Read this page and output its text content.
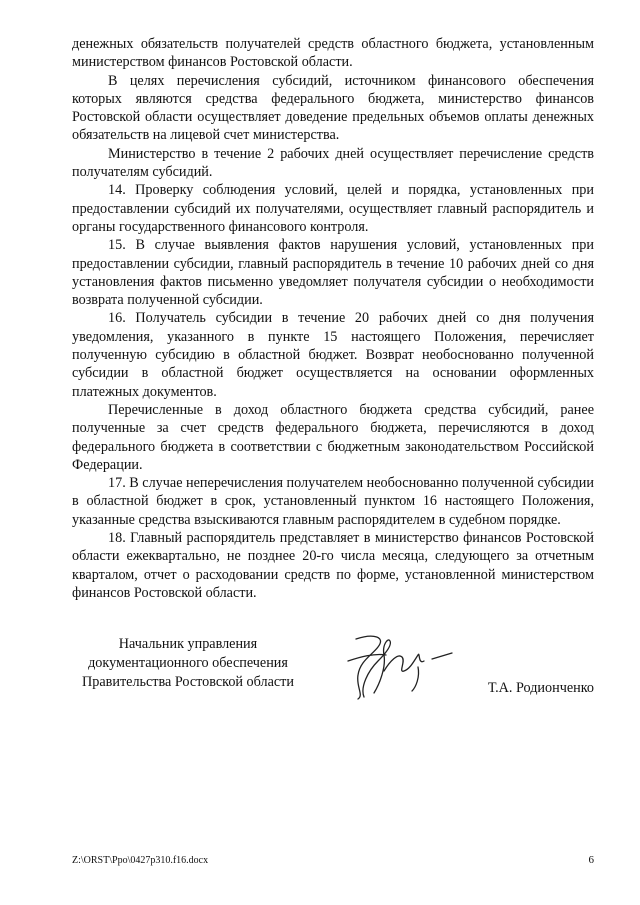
денежных обязательств получателей средств областного бюджета, установленным министерством финансов Ростовской области.

В целях перечисления субсидий, источником финансового обеспечения которых являются средства федерального бюджета, министерство финансов Ростовской области осуществляет доведение предельных объемов оплаты денежных обязательств на лицевой счет министерства.

Министерство в течение 2 рабочих дней осуществляет перечисление средств получателям субсидий.

14. Проверку соблюдения условий, целей и порядка, установленных при предоставлении субсидий их получателями, осуществляет главный распорядитель и органы государственного финансового контроля.

15. В случае выявления фактов нарушения условий, установленных при предоставлении субсидии, главный распорядитель в течение 10 рабочих дней со дня установления фактов письменно уведомляет получателя субсидии о необходимости возврата полученной субсидии.

16. Получатель субсидии в течение 20 рабочих дней со дня получения уведомления, указанного в пункте 15 настоящего Положения, перечисляет полученную субсидию в областной бюджет. Возврат необоснованно полученной субсидии в областной бюджет осуществляется на основании оформленных платежных документов.

Перечисленные в доход областного бюджета средства субсидий, ранее полученные за счет средств федерального бюджета, перечисляются в доход федерального бюджета в соответствии с бюджетным законодательством Российской Федерации.

17. В случае неперечисления получателем необоснованно полученной субсидии в областной бюджет в срок, установленный пунктом 16 настоящего Положения, указанные средства взыскиваются главным распорядителем в судебном порядке.

18. Главный распорядитель представляет в министерство финансов Ростовской области ежеквартально, не позднее 20-го числа месяца, следующего за отчетным кварталом, отчет о расходовании средств по форме, установленной министерством финансов Ростовской области.

Начальник управления
документационного обеспечения
Правительства Ростовской области	Т.А. Родионченко
Z:\ORST\Ppo\0427p310.f16.docx	6
